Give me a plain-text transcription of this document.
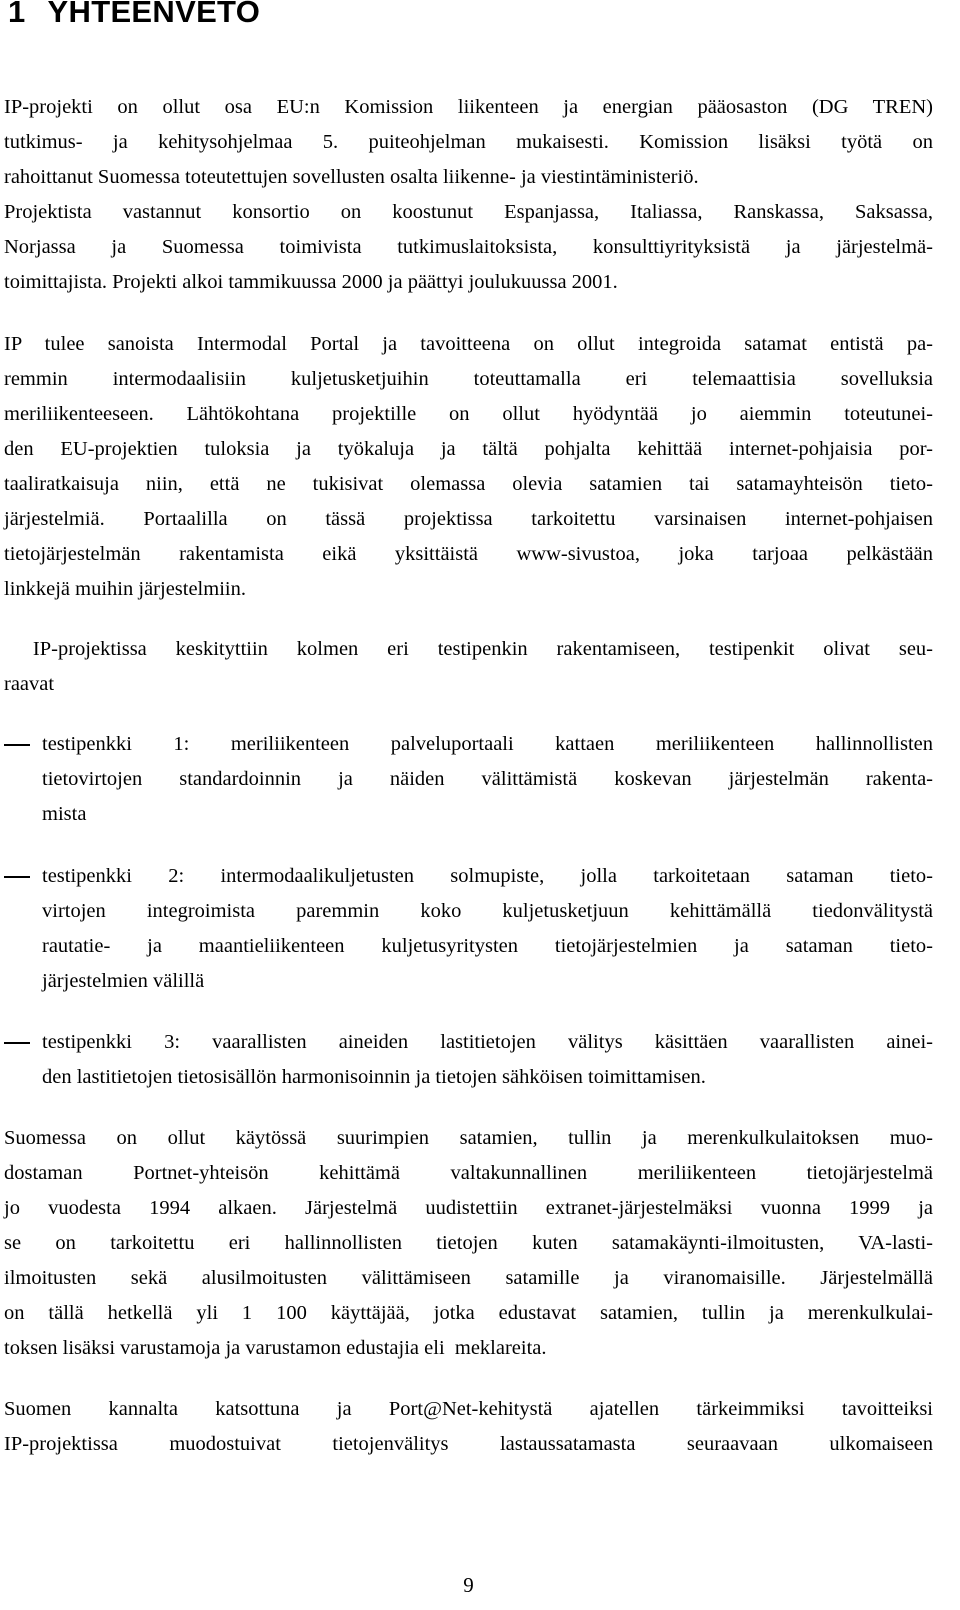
1 YHTEENVETO
IP-projekti on ollut osa EU:n Komission liikenteen ja energian pääosaston (DG TREN)
tutkimus- ja kehitysohjelmaa 5. puiteohjelman mukaisesti. Komission lisäksi työtä on
rahoittanut Suomessa toteutettujen sovellusten osalta liikenne- ja viestintäministeriö.
Projektista vastannut konsortio on koostunut Espanjassa, Italiassa, Ranskassa, Saksassa,
Norjassa ja Suomessa toimivista tutkimuslaitoksista, konsulttiyrityksistä ja järjestelmä-
toimittajista. Projekti alkoi tammikuussa 2000 ja päättyi joulukuussa 2001.
IP tulee sanoista Intermodal Portal ja tavoitteena on ollut integroida satamat entistä pa-
remmin intermodaalisiin kuljetusketjuihin toteuttamalla eri telemaattisia sovelluksia
meriliikenteeseen. Lähtökohtana projektille on ollut hyödyntää jo aiemmin toteutunei-
den EU-projektien tuloksia ja työkaluja ja tältä pohjalta kehittää internet-pohjaisia por-
taaliratkaisuja niin, että ne tukisivat olemassa olevia satamien tai satamayhteisön tieto-
järjestelmiä. Portaalilla on tässä projektissa tarkoitettu varsinaisen internet-pohjaisen
tietojärjestelmän rakentamista eikä yksittäistä www-sivustoa, joka tarjoaa pelkästään
linkkejä muihin järjestelmiin.
IP-projektissa keskityttiin kolmen eri testipenkin rakentamiseen, testipenkit olivat seu-
raavat
testipenkki 1: meriliikenteen palveluportaali kattaen meriliikenteen hallinnollisten
tietovirtojen standardoinnin ja näiden välittämistä koskevan järjestelmän rakenta-
mista
testipenkki 2: intermodaalikuljetusten solmupiste, jolla tarkoitetaan sataman tieto-
virtojen integroimista paremmin koko kuljetusketjuun kehittämällä tiedonvälitystä
rautatie- ja maantieliikenteen kuljetusyritysten tietojärjestelmien ja sataman tieto-
järjestelmien välillä
testipenkki 3: vaarallisten aineiden lastitietojen välitys käsittäen vaarallisten ainei-
den lastitietojen tietosisällön harmonisoinnin ja tietojen sähköisen toimittamisen.
Suomessa on ollut käytössä suurimpien satamien, tullin ja merenkulkulaitoksen muo-
dostaman Portnet-yhteisön kehittämä valtakunnallinen meriliikenteen tietojärjestelmä
jo vuodesta 1994 alkaen. Järjestelmä uudistettiin extranet-järjestelmäksi vuonna 1999 ja
se on tarkoitettu eri hallinnollisten tietojen kuten satamakäynti-ilmoitusten, VA-lasti-
ilmoitusten sekä alusilmoitusten välittämiseen satamille ja viranomaisille. Järjestelmällä
on tällä hetkellä yli 1 100 käyttäjää, jotka edustavat satamien, tullin ja merenkulkulai-
toksen lisäksi varustamoja ja varustamon edustajia eli  meklareita.
Suomen kannalta katsottuna ja Port@Net-kehitystä ajatellen tärkeimmiksi tavoitteiksi
IP-projektissa muodostuivat tietojenvälitys lastaussatamasta seuraavaan ulkomaiseen
9
